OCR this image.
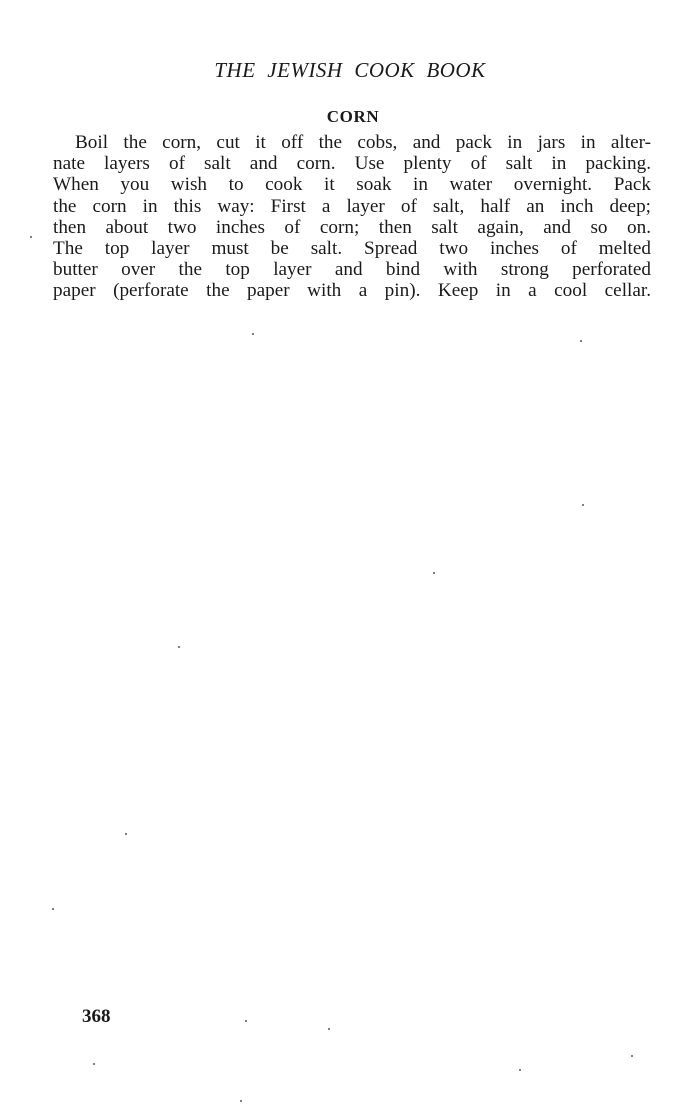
THE JEWISH COOK BOOK
CORN
Boil the corn, cut it off the cobs, and pack in jars in alter-
nate layers of salt and corn. Use plenty of salt in packing.
When you wish to cook it soak in water overnight. Pack
the corn in this way: First a layer of salt, half an inch deep;
then about two inches of corn; then salt again, and so on.
The top layer must be salt. Spread two inches of melted
butter over the top layer and bind with strong perforated
paper (perforate the paper with a pin). Keep in a cool cellar.
368
